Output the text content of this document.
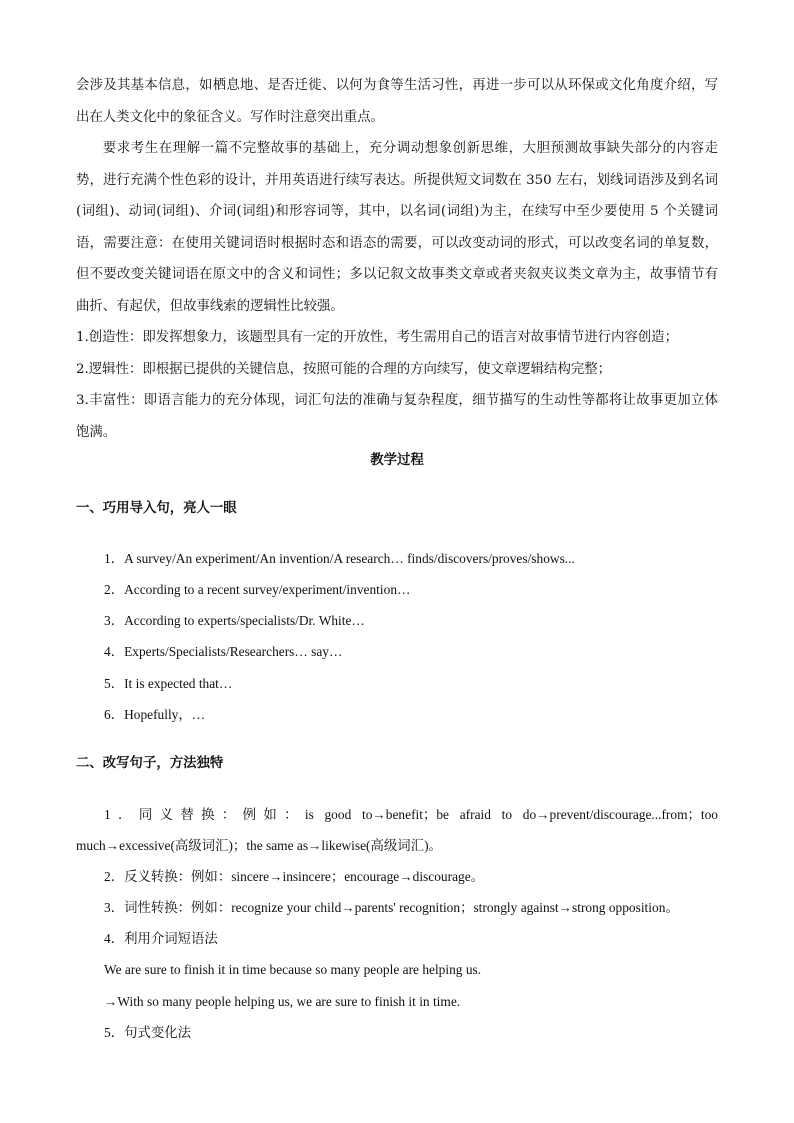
会涉及其基本信息，如栖息地、是否迁徙、以何为食等生活习性，再进一步可以从环保或文化角度介绍，写出在人类文化中的象征含义。写作时注意突出重点。

要求考生在理解一篇不完整故事的基础上，充分调动想象创新思维，大胆预测故事缺失部分的内容走势，进行充满个性色彩的设计，并用英语进行续写表达。所提供短文词数在 350 左右，划线词语涉及到名词(词组)、动词(词组)、介词(词组)和形容词等，其中，以名词(词组)为主，在续写中至少要使用 5 个关键词语，需要注意：在使用关键词语时根据时态和语态的需要，可以改变动词的形式，可以改变名词的单复数，但不要改变关键词语在原文中的含义和词性；多以记叙文故事类文章或者夹叙夹议类文章为主，故事情节有曲折、有起伏，但故事线索的逻辑性比较强。

1.创造性：即发挥想象力，该题型具有一定的开放性，考生需用自己的语言对故事情节进行内容创造；

2.逻辑性：即根据已提供的关键信息，按照可能的合理的方向续写，使文章逻辑结构完整；

3.丰富性：即语言能力的充分体现，词汇句法的准确与复杂程度，细节描写的生动性等都将让故事更加立体饱满。

教学过程
一、巧用导入句，亮人一眼
1．A survey/An experiment/An invention/A research… finds/discovers/proves/shows...
2．According to a recent survey/experiment/invention…
3．According to experts/specialists/Dr. White…
4．Experts/Specialists/Researchers… say…
5．It is expected that…
6．Hopefully，…
二、改写句子，方法独特

1．同义替换：例如：is good to→benefit；be afraid to do→prevent/discourage...from；too much→excessive(高级词汇)；the same as→likewise(高级词汇)。

2．反义转换：例如：sincere→insincere；encourage→discourage。
3．词性转换：例如：recognize your child→parents' recognition；strongly against→strong opposition。
4．利用介词短语法
We are sure to finish it in time because so many people are helping us.
→With so many people helping us, we are sure to finish it in time.
5．句式变化法
